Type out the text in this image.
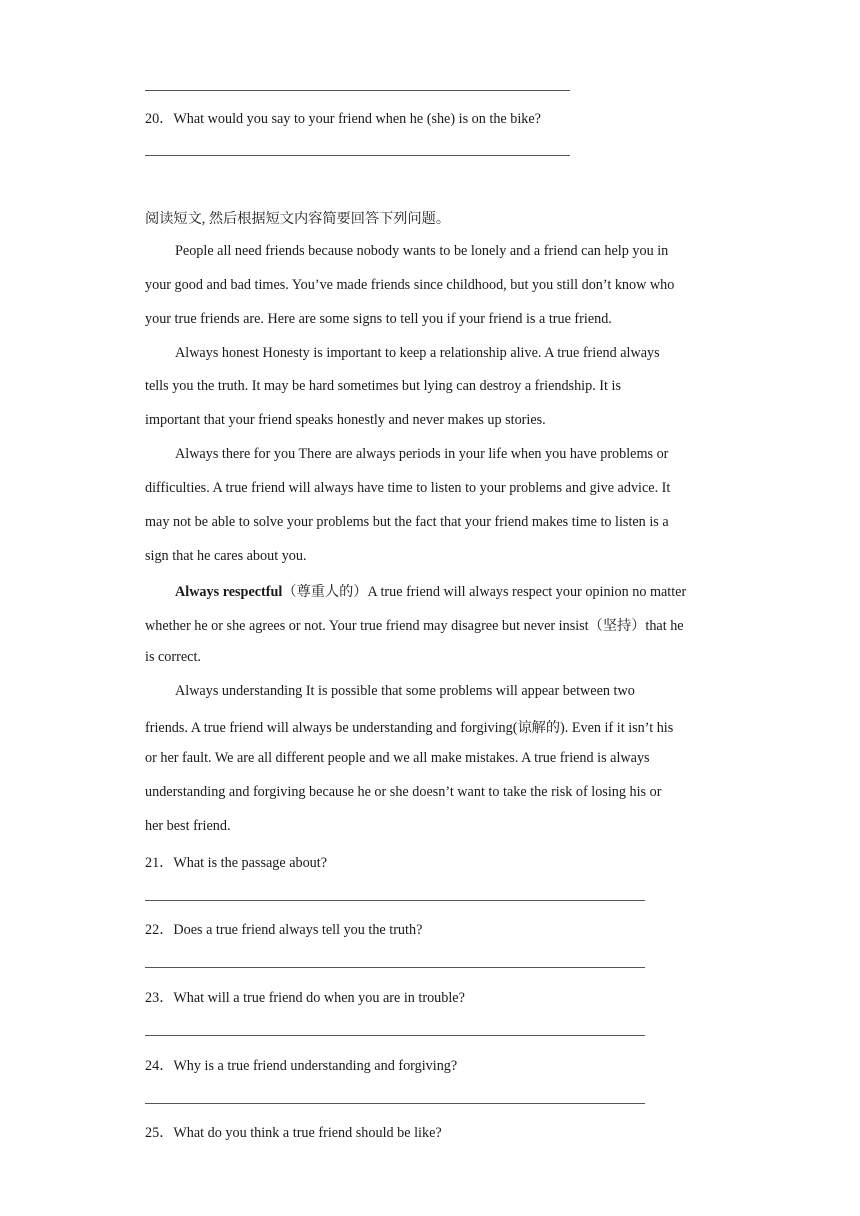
20．What would you say to your friend when he (she) is on the bike?
阅读短文, 然后根据短文内容简要回答下列问题。
People all need friends because nobody wants to be lonely and a friend can help you in
your good and bad times. You’ve made friends since childhood, but you still don’t know who
your true friends are. Here are some signs to tell you if your friend is a true friend.
Always honest Honesty is important to keep a relationship alive. A true friend always
tells you the truth. It may be hard sometimes but lying can destroy a friendship. It is
important that your friend speaks honestly and never makes up stories.
Always there for you There are always periods in your life when you have problems or
difficulties. A true friend will always have time to listen to your problems and give advice. It
may not be able to solve your problems but the fact that your friend makes time to listen is a
sign that he cares about you.
Always respectful（尊重人的）A true friend will always respect your opinion no matter
whether he or she agrees or not. Your true friend may disagree but never insist（坚持）that he
is correct.
Always understanding It is possible that some problems will appear between two
friends. A true friend will always be understanding and forgiving(谅解的). Even if it isn’t his
or her fault. We are all different people and we all make mistakes. A true friend is always
understanding and forgiving because he or she doesn’t want to take the risk of losing his or
her best friend.
21．What is the passage about?
22．Does a true friend always tell you the truth?
23．What will a true friend do when you are in trouble?
24．Why is a true friend understanding and forgiving?
25．What do you think a true friend should be like?
